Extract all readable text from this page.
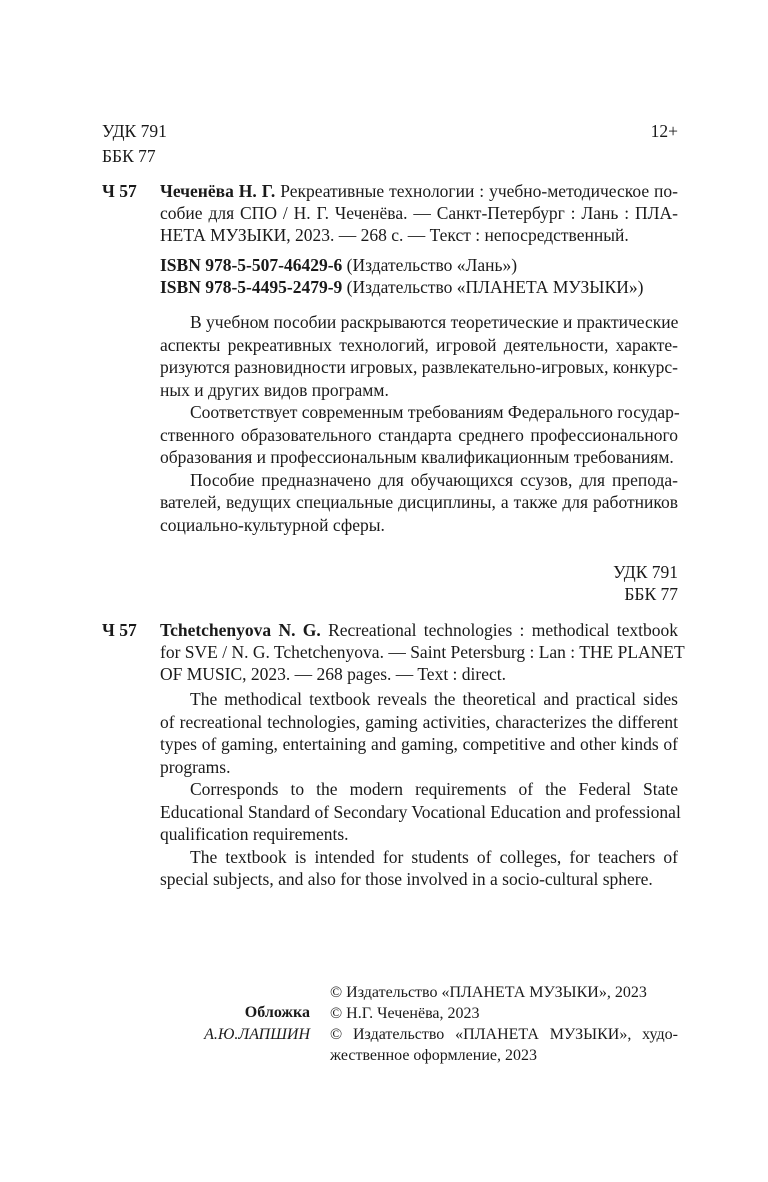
УДК 791
ББК 77
12+
Ч 57 Чеченёва Н. Г. Рекреативные технологии : учебно-методическое по-
собие для СПО / Н. Г. Чеченёва. — Санкт-Петербург : Лань : ПЛА-
НЕТА МУЗЫКИ, 2023. — 268 с. — Текст : непосредственный.
ISBN 978-5-507-46429-6 (Издательство «Лань»)
ISBN 978-5-4495-2479-9 (Издательство «ПЛАНЕТА МУЗЫКИ»)
В учебном пособии раскрываются теоретические и практические
аспекты рекреативных технологий, игровой деятельности, характе-
ризуются разновидности игровых, развлекательно-игровых, конкурс-
ных и других видов программ.
Соответствует современным требованиям Федерального государ-
ственного образовательного стандарта среднего профессионального
образования и профессиональным квалификационным требованиям.
Пособие предназначено для обучающихся ссузов, для препода-
вателей, ведущих специальные дисциплины, а также для работников
социально-культурной сферы.
УДК 791
ББК 77
Ч 57 Tchetchenyova N. G. Recreational technologies : methodical textbook
for SVE / N. G. Tchetchenyova. — Saint Petersburg : Lan : THE PLANET
OF MUSIC, 2023. — 268 pages. — Text : direct.
The methodical textbook reveals the theoretical and practical sides
of recreational technologies, gaming activities, characterizes the different
types of gaming, entertaining and gaming, competitive and other kinds of
programs.
Corresponds to the modern requirements of the Federal State
Educational Standard of Secondary Vocational Education and professional
qualification requirements.
The textbook is intended for students of colleges, for teachers of
special subjects, and also for those involved in a socio-cultural sphere.
Обложка
А.Ю.ЛАПШИН
© Издательство «ПЛАНЕТА МУЗЫКИ», 2023
© Н.Г. Чеченёва, 2023
© Издательство «ПЛАНЕТА МУЗЫКИ», худо-
жественное оформление, 2023
